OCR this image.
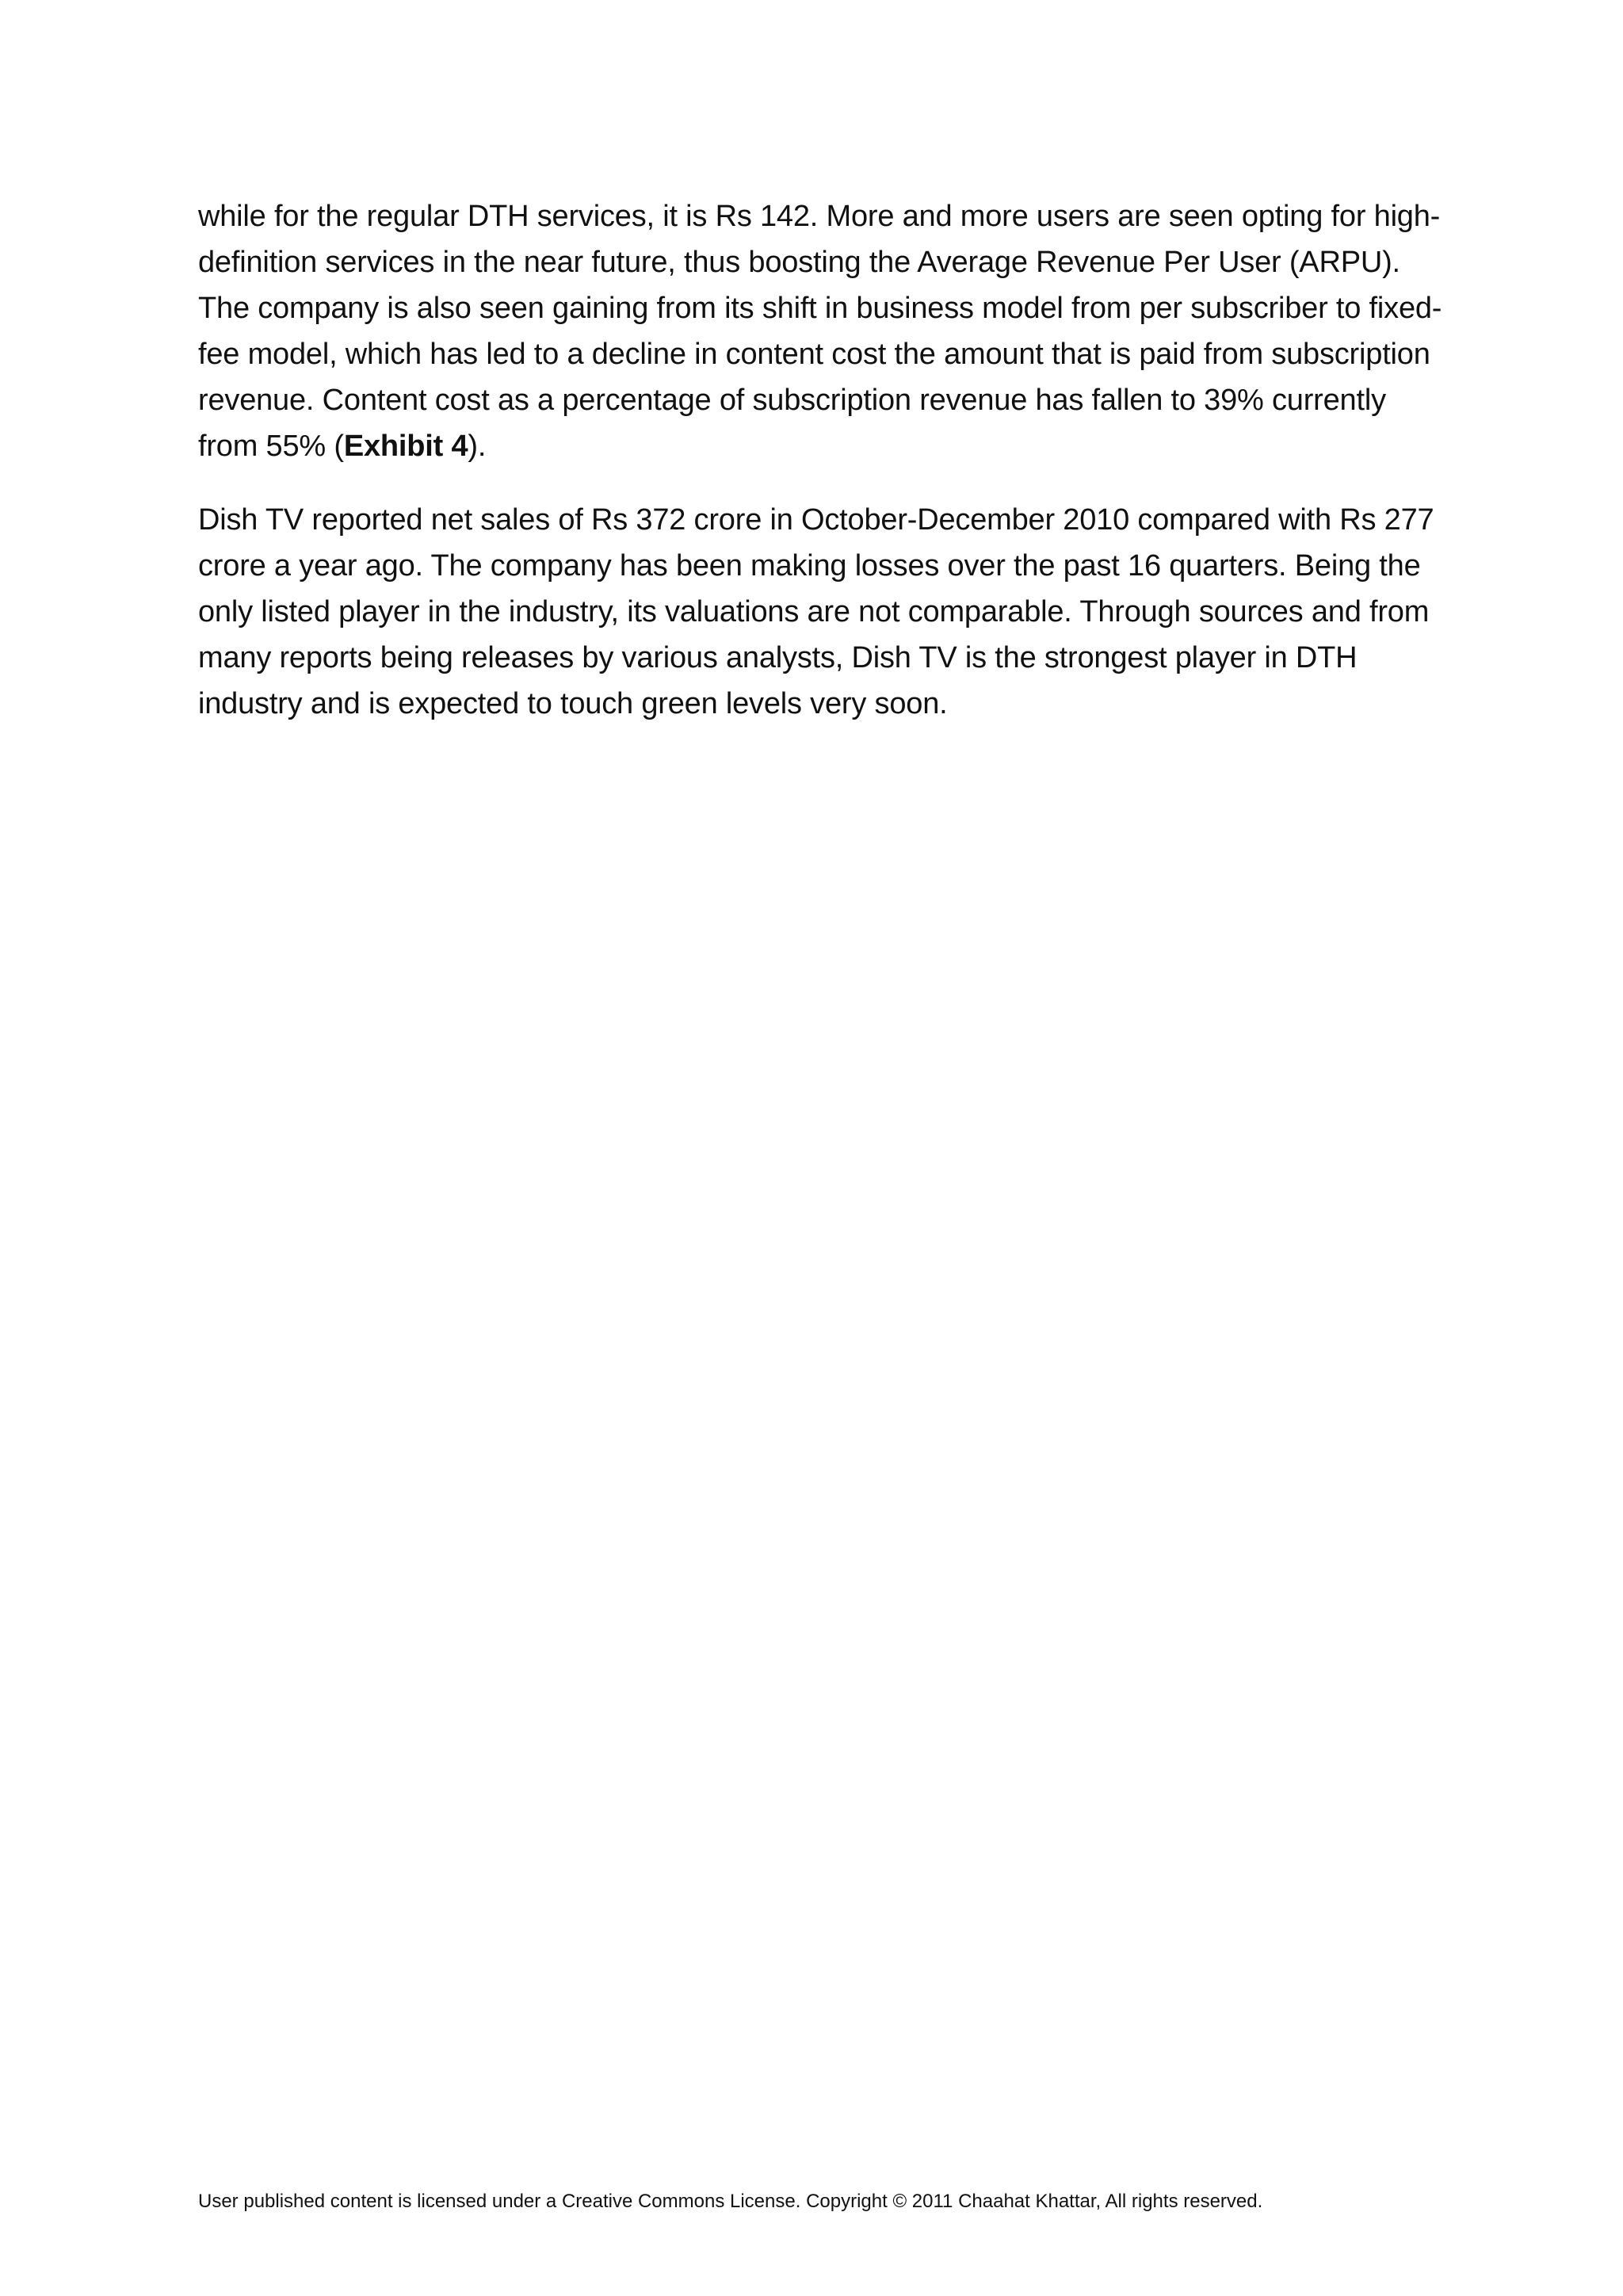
while for the regular DTH services, it is Rs 142. More and more users are seen opting for high-definition services in the near future, thus boosting the Average Revenue Per User (ARPU). The company is also seen gaining from its shift in business model from per subscriber to fixed-fee model, which has led to a decline in content cost the amount that is paid from subscription revenue. Content cost as a percentage of subscription revenue has fallen to 39% currently from 55% (Exhibit 4).

Dish TV reported net sales of Rs 372 crore in October-December 2010 compared with Rs 277 crore a year ago. The company has been making losses over the past 16 quarters. Being the only listed player in the industry, its valuations are not comparable. Through sources and from many reports being releases by various analysts, Dish TV is the strongest player in DTH industry and is expected to touch green levels very soon.

User published content is licensed under a Creative Commons License. Copyright © 2011 Chaahat Khattar, All rights reserved.
